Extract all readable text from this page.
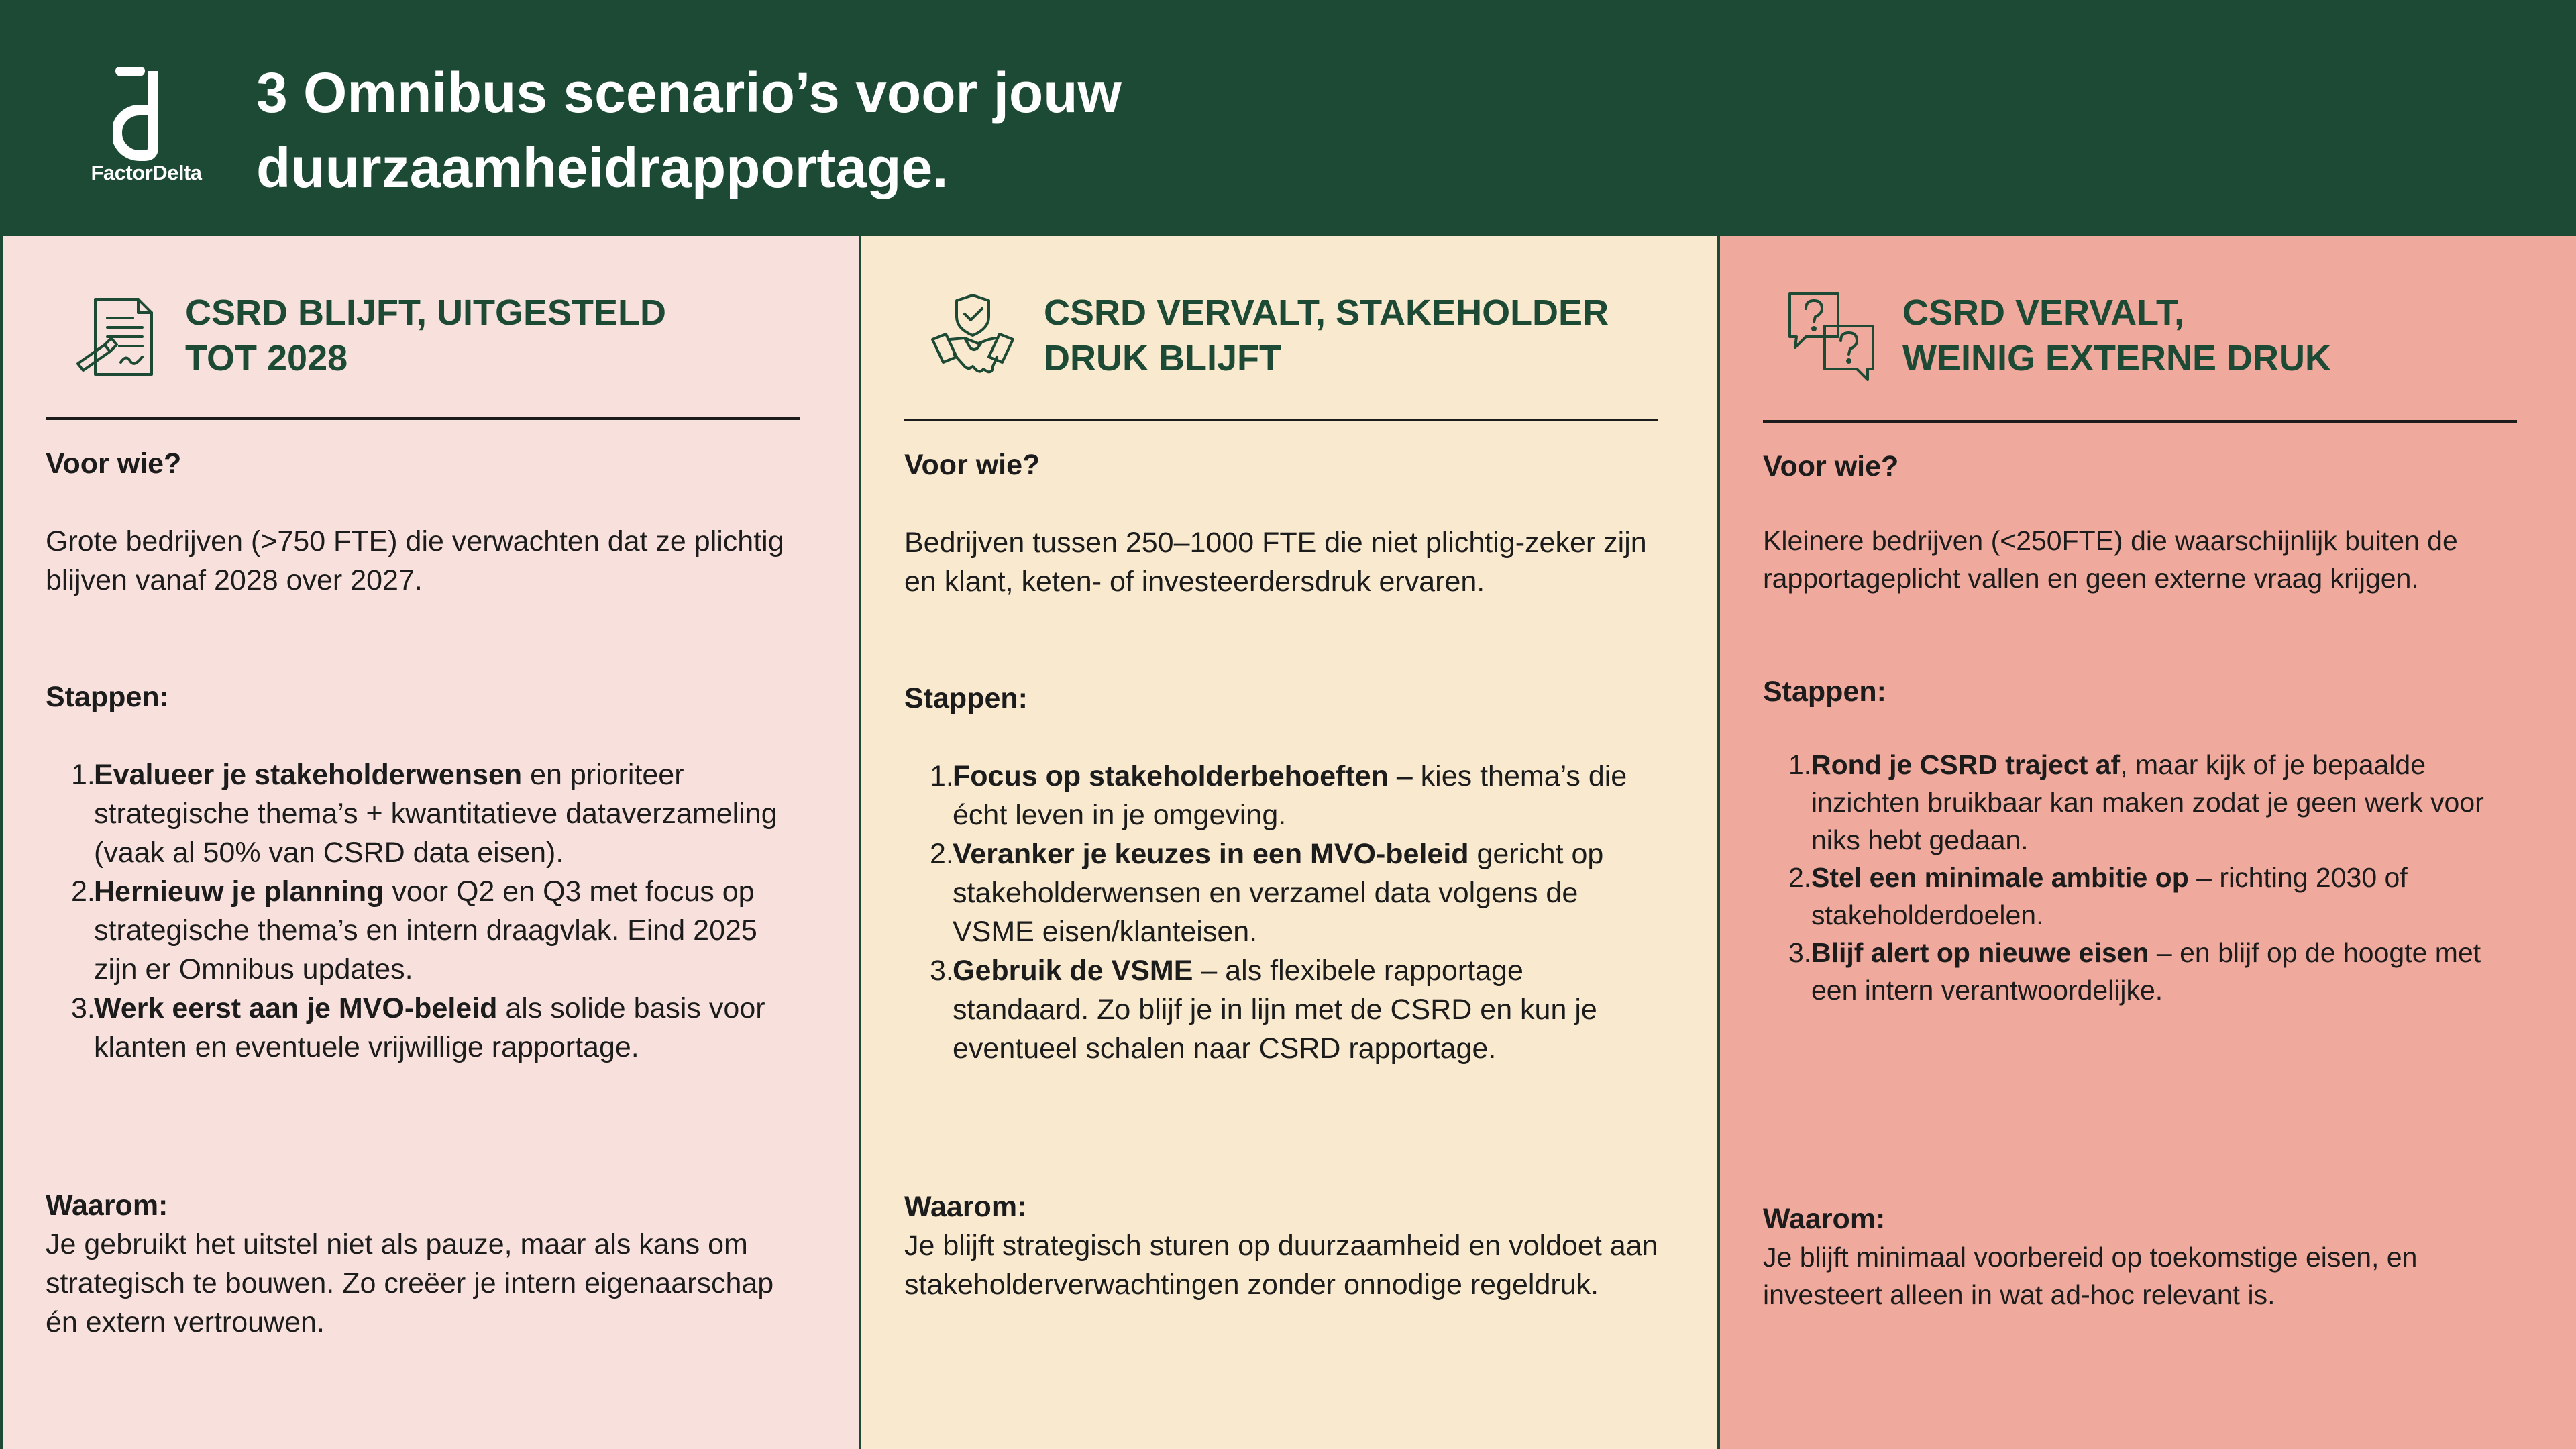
FactorDelta
3 Omnibus scenario’s voor jouw
duurzaamheidrapportage.
CSRD BLIJFT, UITGESTELD
TOT 2028

Voor wie?

Grote bedrijven (>750 FTE) die verwachten dat ze plichtig blijven vanaf 2028 over 2027.

Stappen:

1.
Evalueer je stakeholderwensen en prioriteer strategische thema’s + kwantitatieve dataverzameling (vaak al 50% van CSRD data eisen).
2.
Hernieuw je planning voor Q2 en Q3 met focus op strategische thema’s en intern draagvlak. Eind 2025 zijn er Omnibus updates.
3.
Werk eerst aan je MVO-beleid als solide basis voor klanten en eventuele vrijwillige rapportage.

Waarom:

Je gebruikt het uitstel niet als pauze, maar als kans om strategisch te bouwen. Zo creëer je intern eigenaarschap én extern vertrouwen.

CSRD VERVALT, STAKEHOLDER
DRUK BLIJFT

Voor wie?

Bedrijven tussen 250–1000 FTE die niet plichtig-zeker zijn en klant, keten- of investeerdersdruk ervaren.

Stappen:

1.
Focus op stakeholderbehoeften – kies thema’s die écht leven in je omgeving.
2.
Veranker je keuzes in een MVO-beleid gericht op stakeholderwensen en verzamel data volgens de VSME eisen/klanteisen.
3.
Gebruik de VSME – als flexibele rapportage standaard. Zo blijf je in lijn met de CSRD en kun je eventueel schalen naar CSRD rapportage.

Waarom:

Je blijft strategisch sturen op duurzaamheid en voldoet aan stakeholderverwachtingen zonder onnodige regeldruk.

CSRD VERVALT,
WEINIG EXTERNE DRUK

Voor wie?

Kleinere bedrijven (<250FTE) die waarschijnlijk buiten de rapportageplicht vallen en geen externe vraag krijgen.

Stappen:

1. Rond je CSRD traject af, maar kijk of je bepaalde inzichten bruikbaar kan maken zodat je geen werk voor niks hebt gedaan.
2. Stel een minimale ambitie op – richting 2030 of stakeholderdoelen.
3. Blijf alert op nieuwe eisen – en blijf op de hoogte met een intern verantwoordelijke.

Waarom:

Je blijft minimaal voorbereid op toekomstige eisen, en investeert alleen in wat ad-hoc relevant is.
